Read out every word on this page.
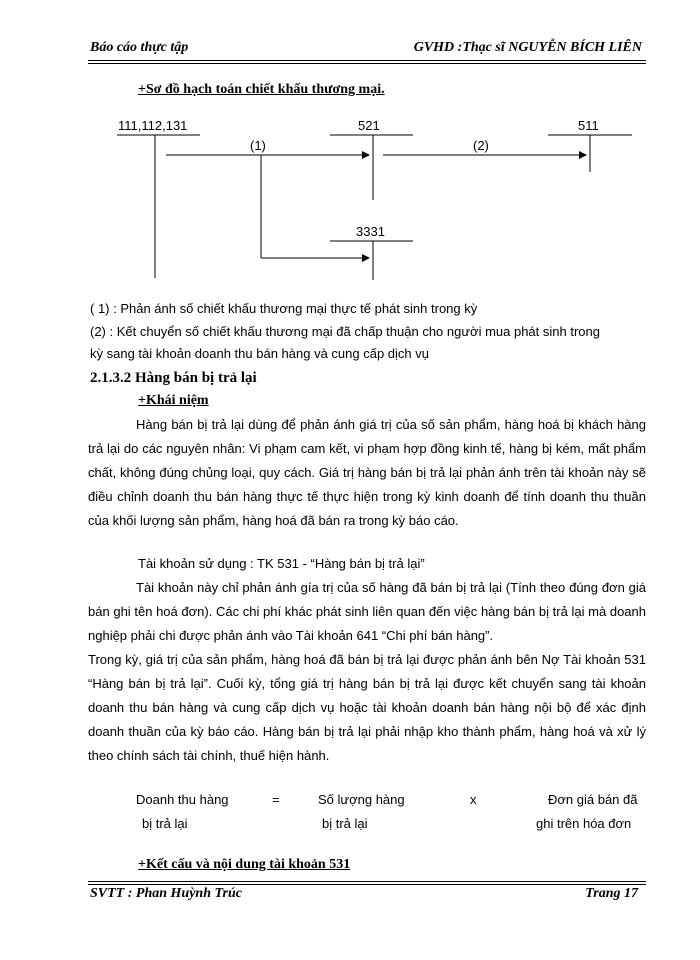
Báo cáo thực tập	GVHD :Thạc sĩ NGUYỄN BÍCH LIÊN
+Sơ đồ hạch toán chiết khấu thương mại.
111,112,131	521	511
3331
(1)	(2)
( 1) : Phản ánh số chiết khấu thương mại thực tế phát sinh trong kỳ
(2) : Kết chuyển số chiết khấu thương mại đã chấp thuận cho người mua phát sinh trong
kỳ sang tài khoản doanh thu bán hàng và cung cấp dịch vụ
2.1.3.2 Hàng bán bị trả lại
+Khái niệm
Hàng bán bị trả lại dùng để phản ánh giá trị của số sản phẩm, hàng hoá bị khách hàng trả lại do các nguyên nhân: Vi phạm cam kết, vi phạm hợp đồng kinh tế, hàng bị kém, mất phẩm chất, không đúng chủng loại, quy cách. Giá trị hàng bán bị trả lại phản ánh trên tài khoản này sẽ điều chỉnh doanh thu bán hàng thực tế thực hiện trong kỳ kinh doanh để tính doanh thu thuần của khối lượng sản phẩm, hàng hoá đã bán ra trong kỳ báo cáo.
Tài khoản sử dụng : TK 531 - “Hàng bán bị trả lại”
Tài khoản này chỉ phản ánh gía trị của số hàng đã bán bị trả lại (Tính theo đúng đơn giá bán ghi tên hoá đơn). Các chi phí khác phát sinh liên quan đến việc hàng bán bị trả lại mà doanh nghiệp phải chi được phản ánh vào Tài khoản 641 “Chi phí bán hàng”.
Trong kỳ, giá trị của sản phẩm, hàng hoá đã bán bị trả lại được phản ánh bên Nợ Tài khoản 531 “Hàng bán bị trả lại”. Cuối kỳ, tổng giá trị hàng bán bị trả lại được kết chuyển sang tài khoản doanh thu bán hàng và cung cấp dịch vụ hoặc tài khoản doanh bán hàng nội bộ để xác định doanh thuần của kỳ báo cáo. Hàng bán bị trả lại phải nhập kho thành phẩm, hàng hoá và xử lý theo chính sách tài chính, thuế hiện hành.
Doanh thu hàng
bị trả lại
=	Số lượng hàng
bị trả lại
x	Đơn giá bán đã
ghi trên hóa đơn
+Kết cấu và nội dung tài khoản 531
SVTT : Phan Huỳnh Trúc	Trang 17
